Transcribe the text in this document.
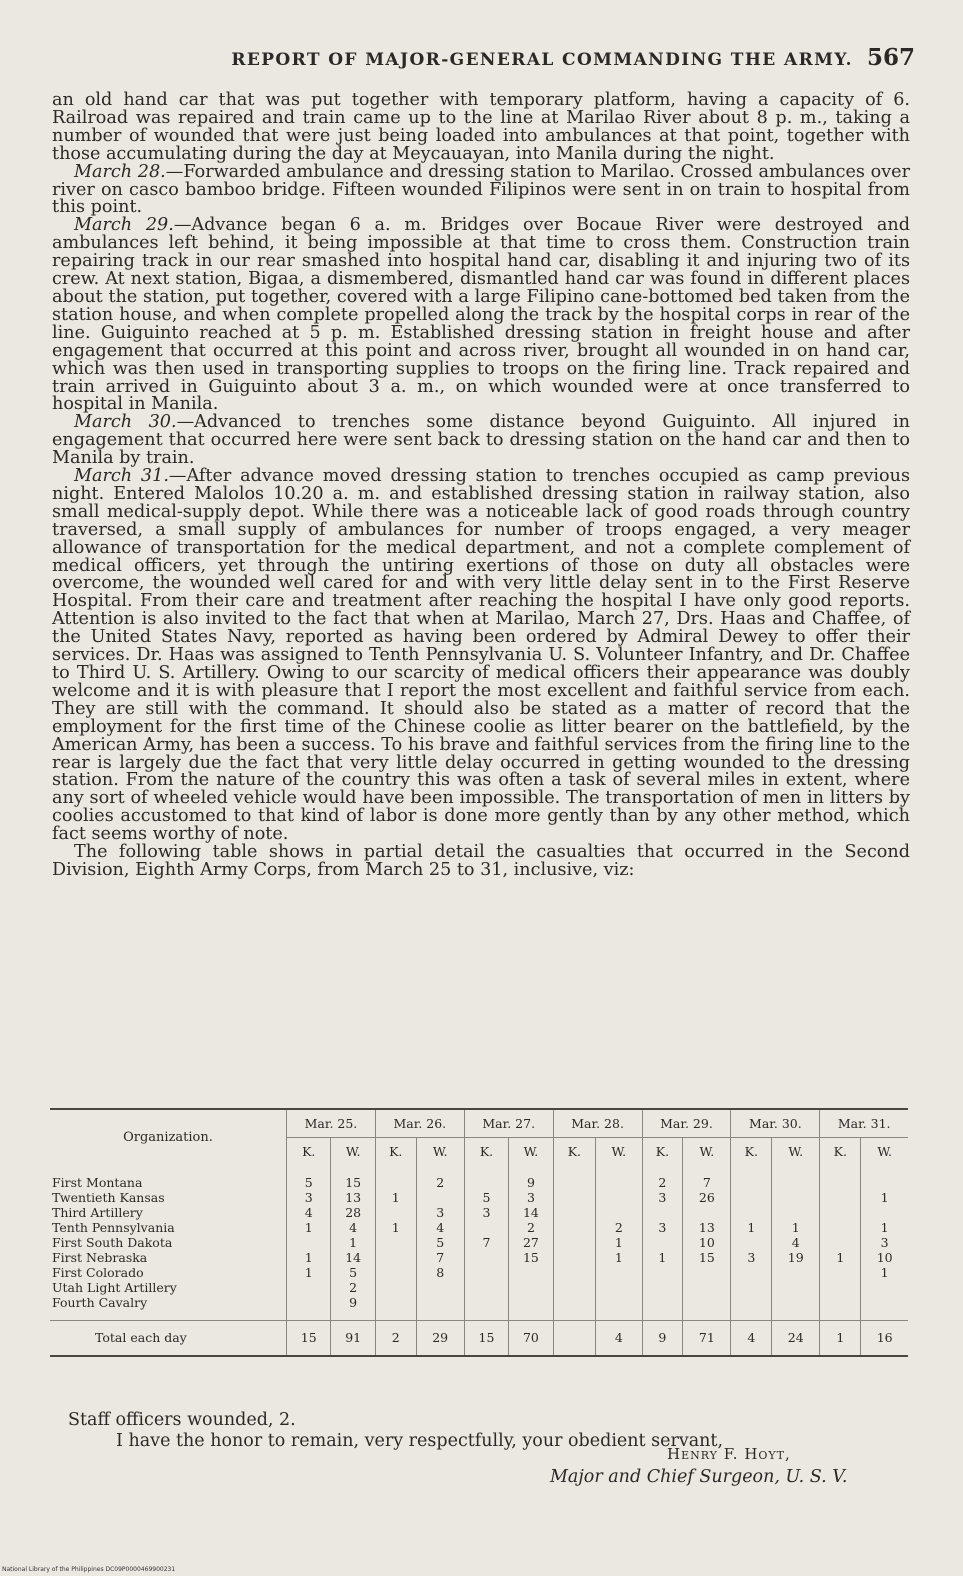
REPORT OF MAJOR-GENERAL COMMANDING THE ARMY. 567

an old hand car that was put together with temporary platform, having a capacity of 6. Railroad was repaired and train came up to the line at Marilao River about 8 p. m., taking a number of wounded that were just being loaded into ambulances at that point, together with those accumulating during the day at Meycauayan, into Manila during the night.

March 28.—Forwarded ambulance and dressing station to Marilao. Crossed ambulances over river on casco bamboo bridge. Fifteen wounded Filipinos were sent in on train to hospital from this point.

March 29.—Advance began 6 a. m. Bridges over Bocaue River were destroyed and ambulances left behind, it being impossible at that time to cross them. Construction train repairing track in our rear smashed into hospital hand car, disabling it and injuring two of its crew. At next station, Bigaa, a dismembered, dismantled hand car was found in different places about the station, put together, covered with a large Filipino cane-bottomed bed taken from the station house, and when complete propelled along the track by the hospital corps in rear of the line. Guiguinto reached at 5 p. m. Established dressing station in freight house and after engagement that occurred at this point and across river, brought all wounded in on hand car, which was then used in transporting supplies to troops on the firing line. Track repaired and train arrived in Guiguinto about 3 a. m., on which wounded were at once transferred to hospital in Manila.

March 30.—Advanced to trenches some distance beyond Guiguinto. All injured in engagement that occurred here were sent back to dressing station on the hand car and then to Manila by train.

March 31.—After advance moved dressing station to trenches occupied as camp previous night. Entered Malolos 10.20 a. m. and established dressing station in railway station, also small medical-supply depot. While there was a noticeable lack of good roads through country traversed, a small supply of ambulances for number of troops engaged, a very meager allowance of transportation for the medical department, and not a complete complement of medical officers, yet through the untiring exertions of those on duty all obstacles were overcome, the wounded well cared for and with very little delay sent in to the First Reserve Hospital. From their care and treatment after reaching the hospital I have only good reports. Attention is also invited to the fact that when at Marilao, March 27, Drs. Haas and Chaffee, of the United States Navy, reported as having been ordered by Admiral Dewey to offer their services. Dr. Haas was assigned to Tenth Pennsylvania U. S. Volunteer Infantry, and Dr. Chaffee to Third U. S. Artillery. Owing to our scarcity of medical officers their appearance was doubly welcome and it is with pleasure that I report the most excellent and faithful service from each. They are still with the command. It should also be stated as a matter of record that the employment for the first time of the Chinese coolie as litter bearer on the battlefield, by the American Army, has been a success. To his brave and faithful services from the firing line to the rear is largely due the fact that very little delay occurred in getting wounded to the dressing station. From the nature of the country this was often a task of several miles in extent, where any sort of wheeled vehicle would have been impossible. The transportation of men in litters by coolies accustomed to that kind of labor is done more gently than by any other method, which fact seems worthy of note.

The following table shows in partial detail the casualties that occurred in the Second Division, Eighth Army Corps, from March 25 to 31, inclusive, viz:

Organization.	Mar. 25.		Mar. 26.		Mar. 27.		Mar. 28.		Mar. 29.		Mar. 30.		Mar. 31.	
	K.	W.	K.	W.	K.	W.	K.	W.	K.	W.	K.	W.	K.	W.
First Montana	5	15		2		9			2	7				
Twentieth Kansas	3	13	1		5	3			3	26				1
Third Artillery	4	28		3	3	14								
Tenth Pennsylvania	1	4	1	4		2		2	3	13	1	1		1
First South Dakota		1		5	7	27		1		10		4		3
First Nebraska	1	14		7		15		1	1	15	3	19	1	10
First Colorado	1	5		8										1
Utah Light Artillery		2												
Fourth Cavalry		9												
Total each day	15	91	2	29	15	70		4	9	71	4	24	1	16
Staff officers wounded, 2.
I have the honor to remain, very respectfully, your obedient servant,
Henry F. Hoyt,
Major and Chief Surgeon, U. S. V.
National Library of the Philippines DC09P0000469900231
